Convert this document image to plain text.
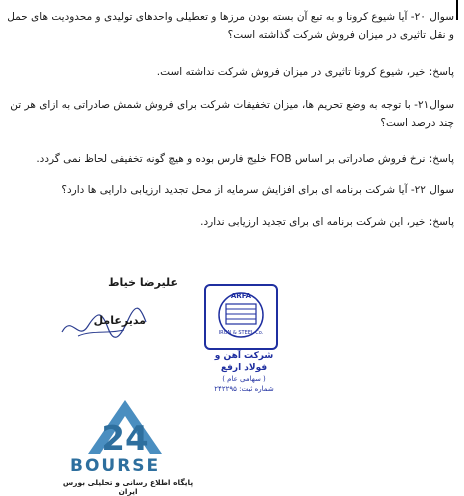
سوال ۲۰- آیا شیوع کرونا و به تبع آن بسته بودن مرزها و تعطیلی واحدهای تولیدی و محدودیت های حمل و نقل تاثیری در میزان فروش شرکت گذاشته است؟
پاسخ: خیر، شیوع کرونا تاثیری در میزان فروش شرکت نداشته است.
سوال۲۱- با توجه به وضع تحریم ها، میزان تخفیفات شرکت برای فروش شمش صادراتی به ازای هر تن چند درصد است؟
پاسخ: نرخ فروش صادراتی بر اساس FOB خلیج فارس بوده و هیچ گونه تخفیفی لحاظ نمی گردد.
سوال ۲۲- آیا شرکت برنامه ای برای افزایش سرمایه از محل تجدید ارزیابی دارایی ها دارد؟
پاسخ: خیر، این شرکت برنامه ای برای تجدید ارزیابی ندارد.
علیرضا خیاط
مدیرعامل
ARFA
IRON & STEEL Co.
شرکت آهن و فولاد ارفع
( سهامی عام )
شماره ثبت: ۲۴۲۲۹۵
24
BOURSE
پایگاه اطلاع رسانی و تحلیلی بورس ایران
